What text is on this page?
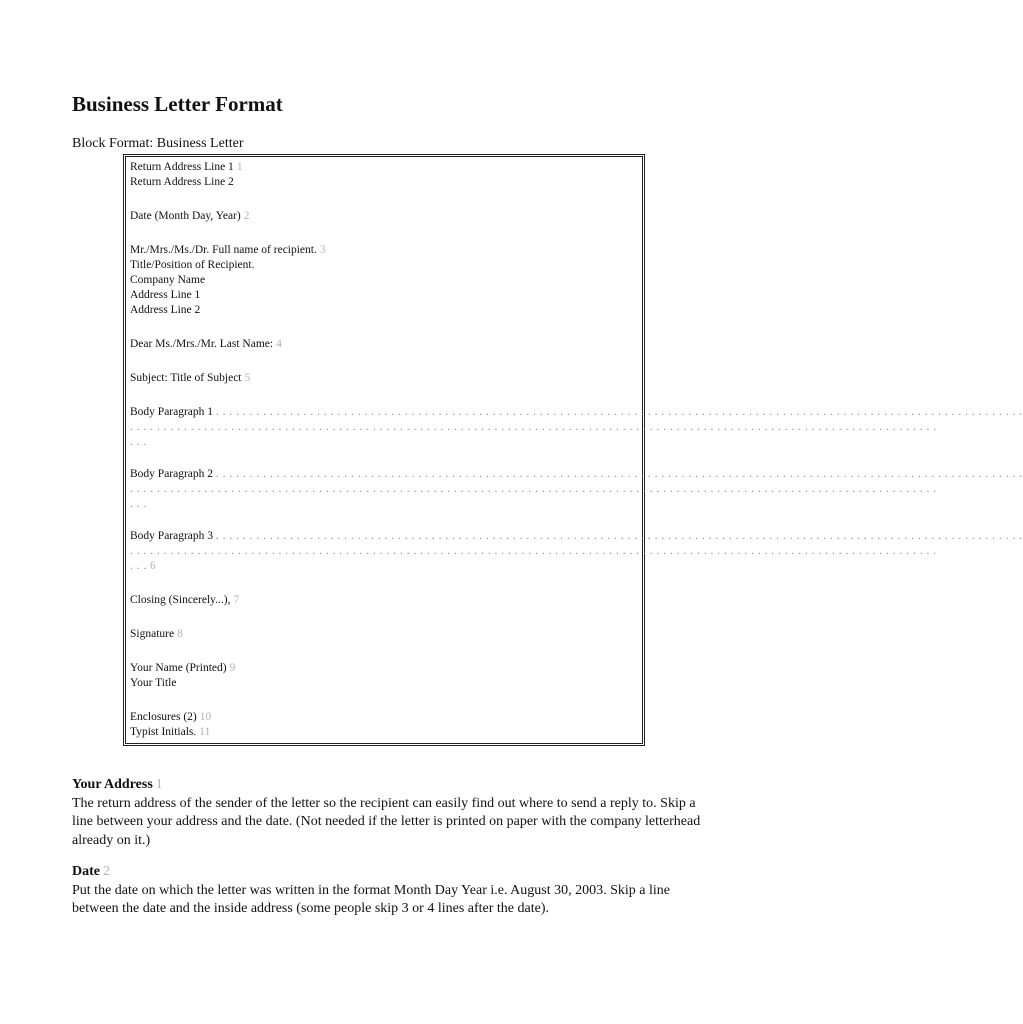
Business Letter Format
Block Format: Business Letter
Return Address Line 1 1
Return Address Line 2
Date (Month Day, Year) 2
Mr./Mrs./Ms./Dr. Full name of recipient. 3
Title/Position of Recipient.
Company Name
Address Line 1
Address Line 2
Dear Ms./Mrs./Mr. Last Name: 4
Subject: Title of Subject 5
Body Paragraph 1 . . . . . . . . . . . . . . . . . . . . . . . . . . . . . . . . . . . . . . . . . . . . . . . . . . . . . . . . . . . . . . . . . . . . . . . . . . . . . . . . . . . . . . . . . . . . . . . . . . . . . . . . . . . . . . . . . . . . . . . .
. . . . . . . . . . . . . . . . . . . . . . . . . . . . . . . . . . . . . . . . . . . . . . . . . . . . . . . . . . . . . . . . . . . . . . . . . . . . . . . . . . . . . . . . . . . . . . . . . . . . . . . . . . . . . . . . . . . . . . . .
. . .
Body Paragraph 2 . . . . . . . . . . . . . . . . . . . . . . . . . . . . . . . . . . . . . . . . . . . . . . . . . . . . . . . . . . . . . . . . . . . . . . . . . . . . . . . . . . . . . . . . . . . . . . . . . . . . . . . . . . . . . . . . . . . . . . . .
. . . . . . . . . . . . . . . . . . . . . . . . . . . . . . . . . . . . . . . . . . . . . . . . . . . . . . . . . . . . . . . . . . . . . . . . . . . . . . . . . . . . . . . . . . . . . . . . . . . . . . . . . . . . . . . . . . . . . . . .
. . .
Body Paragraph 3 . . . . . . . . . . . . . . . . . . . . . . . . . . . . . . . . . . . . . . . . . . . . . . . . . . . . . . . . . . . . . . . . . . . . . . . . . . . . . . . . . . . . . . . . . . . . . . . . . . . . . . . . . . . . . . . . . . . . . . . .
. . . . . . . . . . . . . . . . . . . . . . . . . . . . . . . . . . . . . . . . . . . . . . . . . . . . . . . . . . . . . . . . . . . . . . . . . . . . . . . . . . . . . . . . . . . . . . . . . . . . . . . . . . . . . . . . . . . . . . . .
. . . 6
Closing (Sincerely...), 7
Signature 8
Your Name (Printed) 9
Your Title
Enclosures (2) 10
Typist Initials. 11

Your Address 1

The return address of the sender of the letter so the recipient can easily find out where to send a reply to. Skip a line between your address and the date. (Not needed if the letter is printed on paper with the company letterhead already on it.)

Date 2

Put the date on which the letter was written in the format Month Day Year i.e. August 30, 2003. Skip a line between the date and the inside address (some people skip 3 or 4 lines after the date).
